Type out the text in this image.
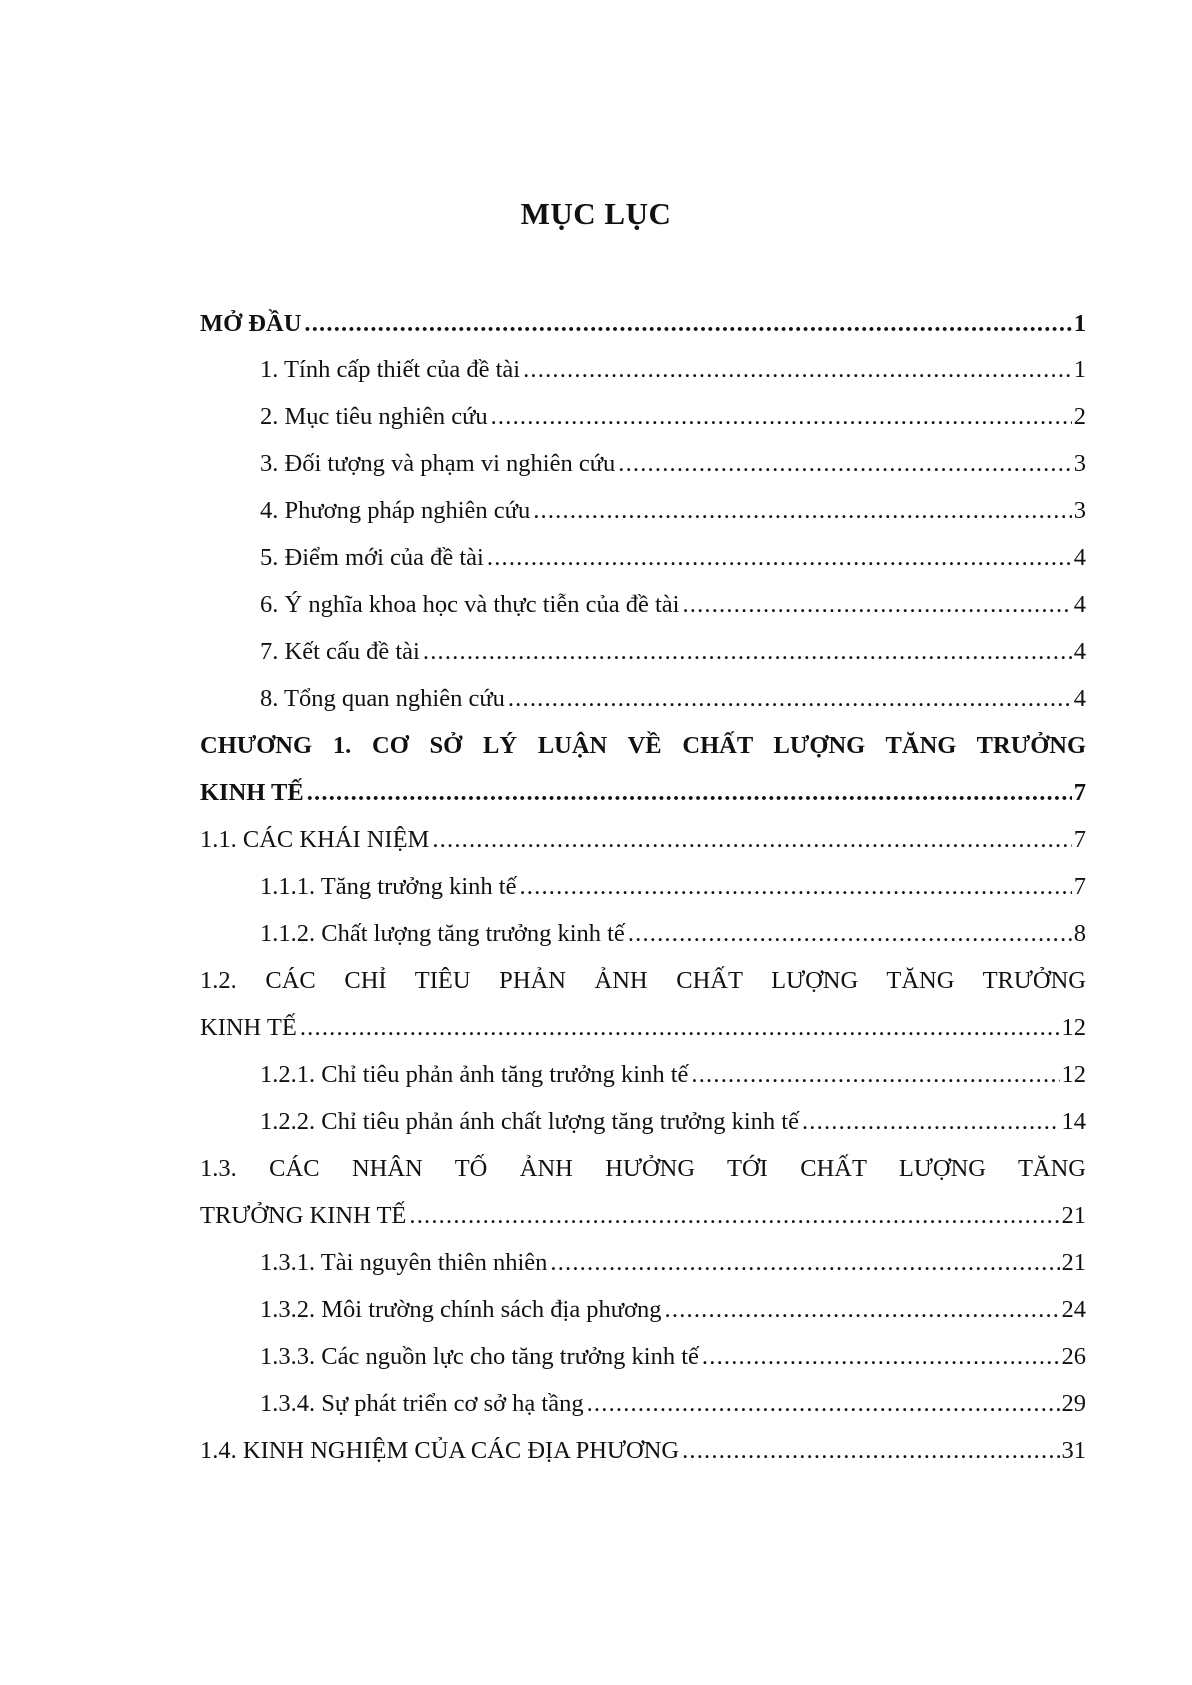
MỤC LỤC
MỞ ĐẦU .....	1
1. Tính cấp thiết của đề tài .....	1
2. Mục tiêu nghiên cứu .....	2
3. Đối tượng và phạm vi nghiên cứu .....	3
4. Phương pháp nghiên cứu .....	3
5. Điểm mới của đề tài .....	4
6. Ý nghĩa khoa học và thực tiễn của đề tài .....	4
7. Kết cấu đề tài .....	4
8. Tổng quan nghiên cứu .....	4
CHƯƠNG 1. CƠ SỞ LÝ LUẬN VỀ CHẤT LƯỢNG TĂNG TRƯỞNG
KINH TẾ .....	7
1.1. CÁC KHÁI NIỆM .....	7
1.1.1. Tăng trưởng kinh tế .....	7
1.1.2. Chất lượng tăng trưởng kinh tế .....	8
1.2. CÁC CHỈ TIÊU PHẢN ẢNH CHẤT LƯỢNG TĂNG TRƯỞNG
KINH TẾ .....	12
1.2.1. Chỉ tiêu phản ảnh tăng trưởng kinh tế .....	12
1.2.2. Chỉ tiêu phản ánh chất lượng tăng trưởng kinh tế .....	14
1.3. CÁC NHÂN TỐ ẢNH HƯỞNG TỚI CHẤT LƯỢNG TĂNG
TRƯỞNG KINH TẾ .....	21
1.3.1. Tài nguyên thiên nhiên .....	21
1.3.2. Môi trường chính sách địa phương .....	24
1.3.3. Các nguồn lực cho tăng trưởng kinh tế .....	26
1.3.4. Sự phát triển cơ sở hạ tầng .....	29
1.4. KINH NGHIỆM CỦA CÁC ĐỊA PHƯƠNG .....	31
